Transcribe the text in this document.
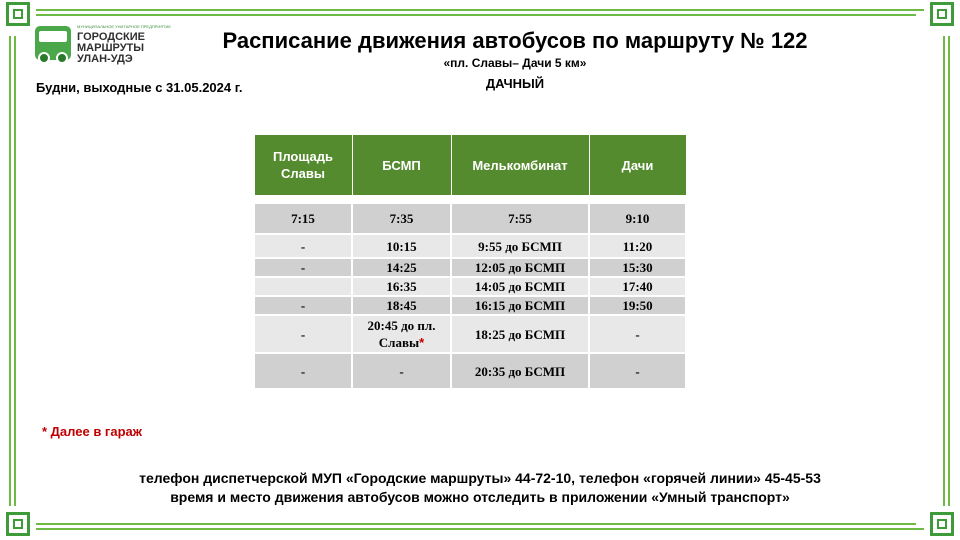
МУНИЦИПАЛЬНОЕ УНИТАРНОЕ ПРЕДПРИЯТИЕ
ГОРОДСКИЕ
МАРШРУТЫ
УЛАН-УДЭ
Расписание движения автобусов по маршруту № 122
«пл. Славы– Дачи 5 км»
ДАЧНЫЙ
Будни, выходные с 31.05.2024 г.
Площадь Славы	БСМП	Мелькомбинат	Дачи

7:15	7:35	7:55	9:10
-	10:15	9:55 до БСМП	11:20
-	14:25	12:05 до БСМП	15:30
	16:35	14:05 до БСМП	17:40
-	18:45	16:15 до БСМП	19:50
-	20:45 до пл. Славы*	18:25 до БСМП	-
-	-	20:35 до БСМП	-
* Далее в гараж
телефон диспетчерской МУП «Городские маршруты» 44-72-10, телефон «горячей линии» 45-45-53
время и место движения автобусов можно отследить в приложении «Умный транспорт»
